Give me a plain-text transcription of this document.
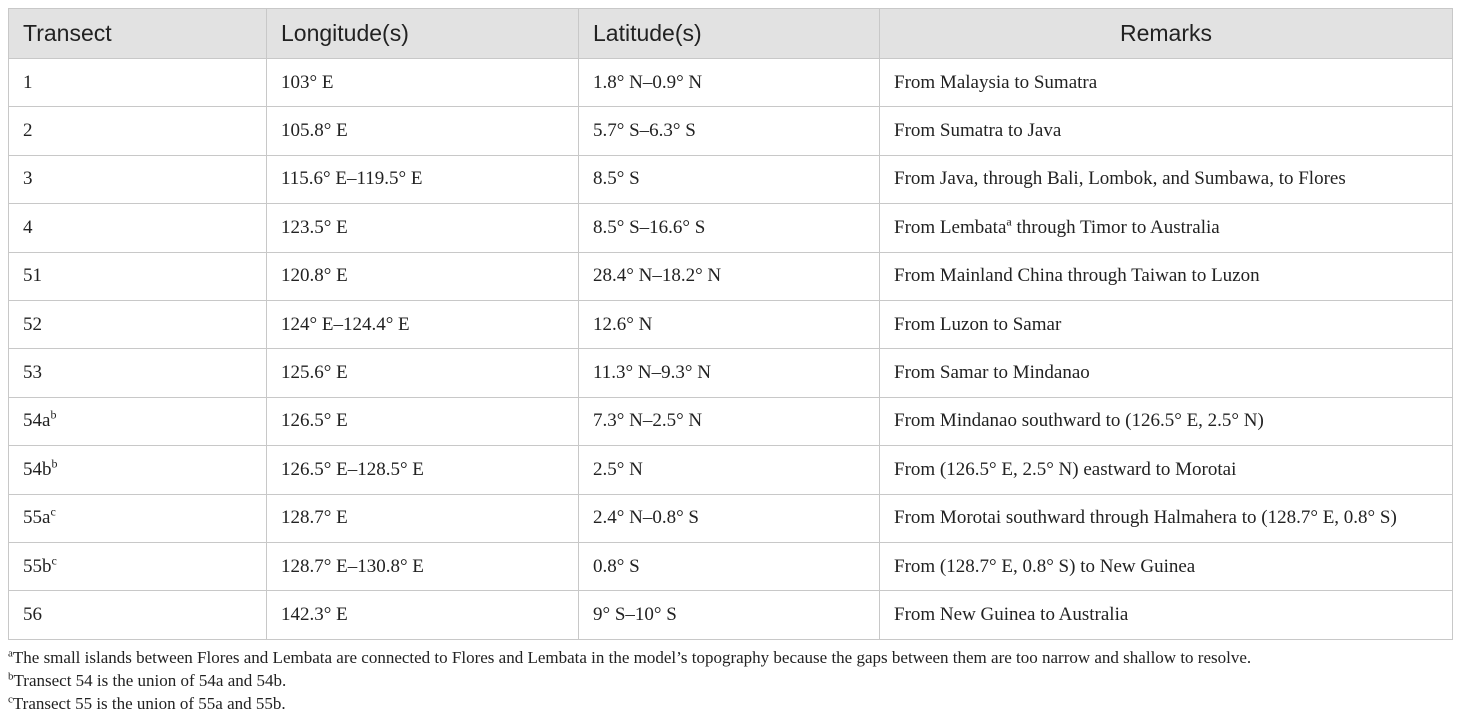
Transect	Longitude(s)	Latitude(s)	Remarks
1	103° E	1.8° N–0.9° N	From Malaysia to Sumatra
2	105.8° E	5.7° S–6.3° S	From Sumatra to Java
3	115.6° E–119.5° E	8.5° S	From Java, through Bali, Lombok, and Sumbawa, to Flores
4	123.5° E	8.5° S–16.6° S	From Lembata$^a$ through Timor to Australia
51	120.8° E	28.4° N–18.2° N	From Mainland China through Taiwan to Luzon
52	124° E–124.4° E	12.6° N	From Luzon to Samar
53	125.6° E	11.3° N–9.3° N	From Samar to Mindanao
$54a^b$	126.5° E	7.3° N–2.5° N	From Mindanao southward to (126.5° E, 2.5° N)
$54b^b$	126.5° E–128.5° E	2.5° N	From (126.5° E, 2.5° N) eastward to Morotai
$55a^c$	128.7° E	2.4° N–0.8° S	From Morotai southward through Halmahera to (128.7° E, 0.8° S)
$55b^c$	128.7° E–130.8° E	0.8° S	From (128.7° E, 0.8° S) to New Guinea
56	142.3° E	9° S–10° S	From New Guinea to Australia
$^a$The small islands between Flores and Lembata are connected to Flores and Lembata in the model’s topography because the gaps between them are too narrow and shallow to resolve.
$^b$Transect 54 is the union of 54a and 54b.
$^c$Transect 55 is the union of 55a and 55b.
